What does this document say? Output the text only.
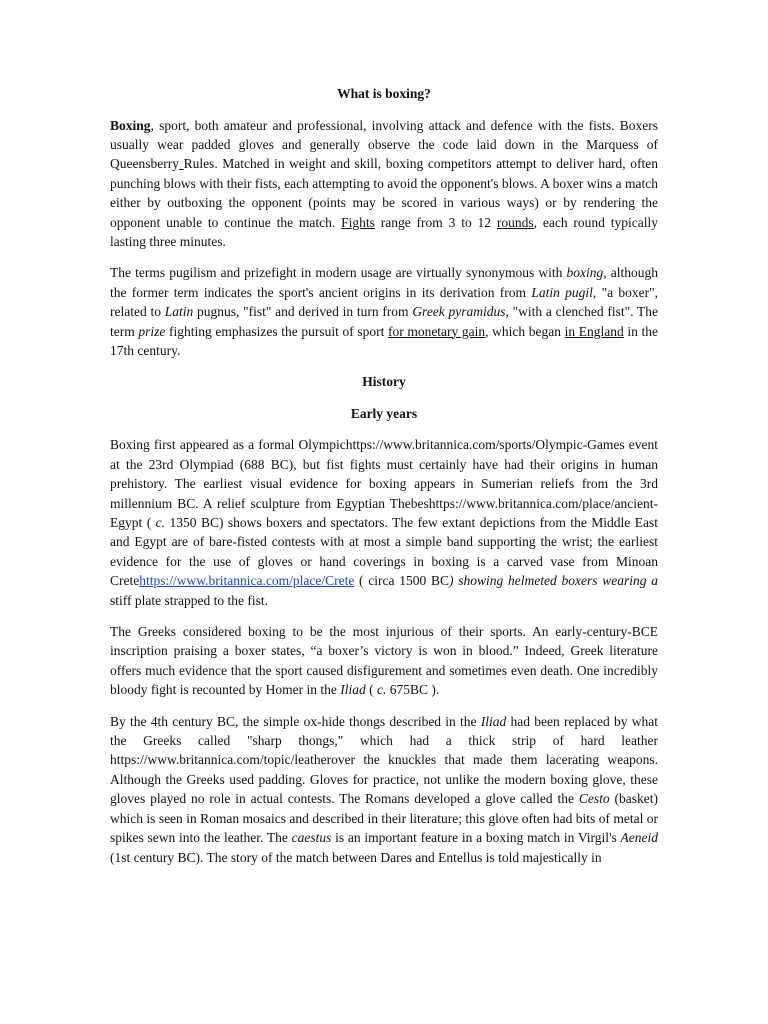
What is boxing?

Boxing, sport, both amateur and professional, involving attack and defence with the fists. Boxers usually wear padded gloves and generally observe the code laid down in the Marquess of Queensberry Rules. Matched in weight and skill, boxing competitors attempt to deliver hard, often punching blows with their fists, each attempting to avoid the opponent's blows. A boxer wins a match either by outboxing the opponent (points may be scored in various ways) or by rendering the opponent unable to continue the match. Fights range from 3 to 12 rounds, each round typically lasting three minutes.

The terms pugilism and prizefight in modern usage are virtually synonymous with boxing, although the former term indicates the sport's ancient origins in its derivation from Latin pugil, "a boxer", related to Latin pugnus, "fist" and derived in turn from Greek pyramidus, "with a clenched fist". The term prize fighting emphasizes the pursuit of sport for monetary gain, which began in England in the 17th century.

History
Early years

Boxing first appeared as a formal Olympichttps://www.britannica.com/sports/Olympic-Games event at the 23rd Olympiad (688 BC), but fist fights must certainly have had their origins in human prehistory. The earliest visual evidence for boxing appears in Sumerian reliefs from the 3rd millennium BC. A relief sculpture from Egyptian Thebeshttps://www.britannica.com/place/ancient-Egypt ( c. 1350 BC) shows boxers and spectators. The few extant depictions from the Middle East and Egypt are of bare-fisted contests with at most a simple band supporting the wrist; the earliest evidence for the use of gloves or hand coverings in boxing is a carved vase from Minoan Cretehttps://www.britannica.com/place/Crete ( circa 1500 BC) showing helmeted boxers wearing a stiff plate strapped to the fist.

The Greeks considered boxing to be the most injurious of their sports. An early-century-BCE inscription praising a boxer states, “a boxer’s victory is won in blood.” Indeed, Greek literature offers much evidence that the sport caused disfigurement and sometimes even death. One incredibly bloody fight is recounted by Homer in the Iliad ( c. 675BC ).

By the 4th century BC, the simple ox-hide thongs described in the Iliad had been replaced by what the Greeks called "sharp thongs," which had a thick strip of hard leather https://www.britannica.com/topic/leatherover the knuckles that made them lacerating weapons. Although the Greeks used padding. Gloves for practice, not unlike the modern boxing glove, these gloves played no role in actual contests. The Romans developed a glove called the Cesto (basket) which is seen in Roman mosaics and described in their literature; this glove often had bits of metal or spikes sewn into the leather. The caestus is an important feature in a boxing match in Virgil's Aeneid (1st century BC). The story of the match between Dares and Entellus is told majestically in
